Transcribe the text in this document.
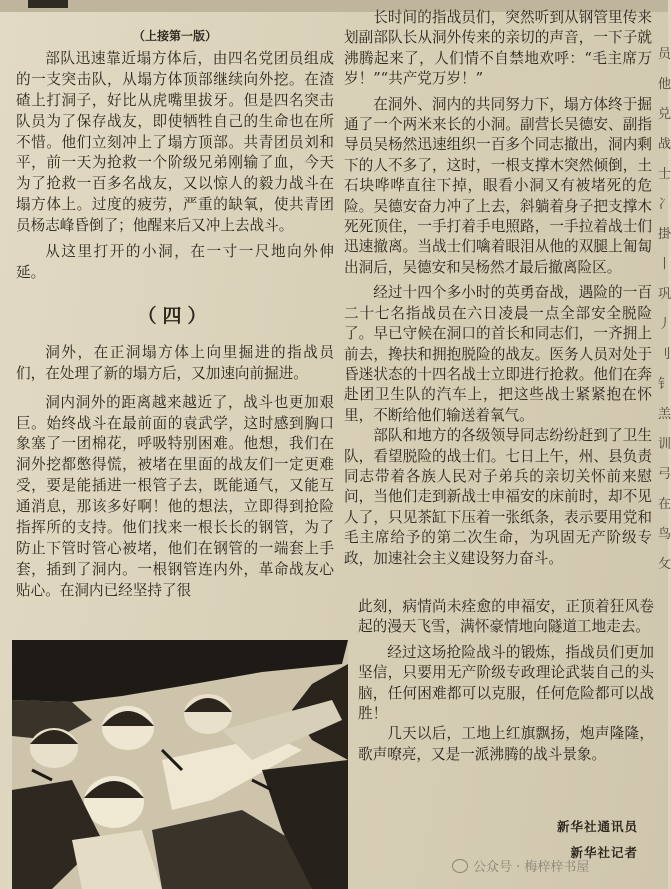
（上接第一版）

部队迅速靠近塌方体后，由四名党团员组成的一支突击队，从塌方体顶部继续向外挖。在渣碴上打洞子，好比从虎嘴里拔牙。但是四名突击队员为了保存战友，即使牺牲自己的生命也在所不惜。他们立刻冲上了塌方顶部。共青团员刘和平，前一天为抢救一个阶级兄弟刚输了血，今天为了抢救一百多名战友，又以惊人的毅力战斗在塌方体上。过度的疲劳，严重的缺氧，使共青团员杨志峰昏倒了；他醒来后又冲上去战斗。

从这里打开的小洞，在一寸一尺地向外伸延。

（四）

洞外，在正洞塌方体上向里掘进的指战员们，在处理了新的塌方后，又加速向前掘进。

洞内洞外的距离越来越近了，战斗也更加艰巨。始终战斗在最前面的袁武学，这时感到胸口象塞了一团棉花，呼吸特别困难。他想，我们在洞外挖都憋得慌，被堵在里面的战友们一定更难受，要是能插进一根管子去，既能通气，又能互通消息，那该多好啊！他的想法，立即得到抢险指挥所的支持。他们找来一根长长的钢管，为了防止下管时管心被堵，他们在钢管的一端套上手套，插到了洞内。一根钢管连内外，革命战友心贴心。在洞内已经坚持了很

长时间的指战员们，突然听到从钢管里传来划副部队长从洞外传来的亲切的声音，一下子就沸腾起来了，人们情不自禁地欢呼：“毛主席万岁！”“共产党万岁！”

在洞外、洞内的共同努力下，塌方体终于掘通了一个两米来长的小洞。副营长吴德安、副指导员吴杨然迅速组织一百多个同志撤出，洞内剩下的人不多了，这时，一根支撑木突然倾倒，土石块哗哗直往下掉，眼看小洞又有被堵死的危险。吴德安奋力冲了上去，斜躺着身子把支撑木死死顶住，一手打着手电照路，一手拉着战士们迅速撤离。当战士们噙着眼泪从他的双腿上匍匐出洞后，吴德安和吴杨然才最后撤离险区。

经过十四个多小时的英勇奋战，遇险的一百二十七名指战员在六日凌晨一点全部安全脱险了。早已守候在洞口的首长和同志们，一齐拥上前去，搀扶和拥抱脱险的战友。医务人员对处于昏迷状态的十四名战士立即进行抢救。他们在奔赴团卫生队的汽车上，把这些战士紧紧抱在怀里，不断给他们输送着氧气。

部队和地方的各级领导同志纷纷赶到了卫生队，看望脱险的战士们。七日上午，州、县负责同志带着各族人民对子弟兵的亲切关怀前来慰问，当他们走到新战士申福安的床前时，却不见人了，只见茶缸下压着一张纸条，表示要用党和毛主席给予的第二次生命，为巩固无产阶级专政，加速社会主义建设努力奋斗。

此刻，病情尚未痊愈的申福安，正顶着狂风卷起的漫天飞雪，满怀豪情地向隧道工地走去。

经过这场抢险战斗的锻炼，指战员们更加坚信，只要用无产阶级专政理论武装自己的头脑，任何困难都可以克服，任何危险都可以战胜！

几天以后，工地上红旗飘扬，炮声隆隆，歌声嘹亮，又是一派沸腾的战斗景象。

新华社通讯员
新华社记者
员他兑战士冫掛丨巩丿刂钅羔训弓在鸟攵
公众号 · 梅梓梓书屋
